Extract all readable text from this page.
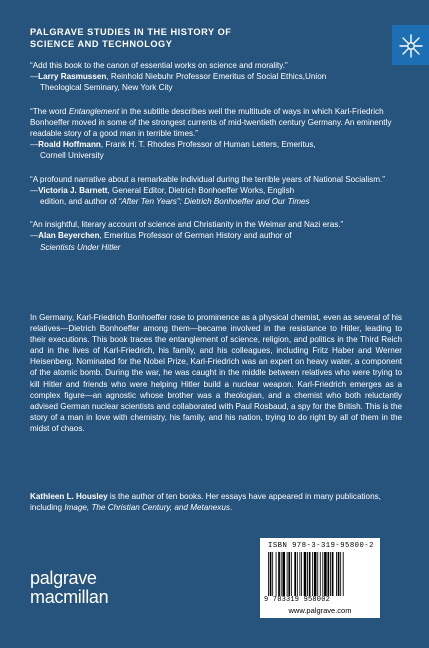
PALGRAVE STUDIES IN THE HISTORY OF
SCIENCE AND TECHNOLOGY
“Add this book to the canon of essential works on science and morality.”
—Larry Rasmussen, Reinhold Niebuhr Professor Emeritus of Social Ethics,Union
Theological Seminary, New York City
“The word Entanglement in the subtitle describes well the multitude of ways in which Karl-Friedrich Bonhoeffer moved in some of the strongest currents of mid-twentieth century Germany. An eminently readable story of a good man in terrible times.”
—Roald Hoffmann, Frank H. T. Rhodes Professor of Human Letters, Emeritus,
Cornell University
“A profound narrative about a remarkable individual during the terrible years of National Socialism.”
—Victoria J. Barnett, General Editor, Dietrich Bonhoeffer Works, English
edition, and author of “After Ten Years”: Dietrich Bonhoeffer and Our Times
“An insightful, literary account of science and Christianity in the Weimar and Nazi eras.”
—Alan Beyerchen, Emeritus Professor of German History and author of
Scientists Under Hitler

In Germany, Karl-Friedrich Bonhoeffer rose to prominence as a physical chemist, even as several of his relatives—Dietrich Bonhoeffer among them—became involved in the resistance to Hitler, leading to their executions. This book traces the entanglement of science, religion, and politics in the Third Reich and in the lives of Karl-Friedrich, his family, and his colleagues, including Fritz Haber and Werner Heisenberg. Nominated for the Nobel Prize, Karl-Friedrich was an expert on heavy water, a component of the atomic bomb. During the war, he was caught in the middle between relatives who were trying to kill Hitler and friends who were helping Hitler build a nuclear weapon. Karl-Friedrich emerges as a complex figure—an agnostic whose brother was a theologian, and a chemist who both reluctantly advised German nuclear scientists and collaborated with Paul Rosbaud, a spy for the British. This is the story of a man in love with chemistry, his family, and his nation, trying to do right by all of them in the midst of chaos.

Kathleen L. Housley is the author of ten books. Her essays have appeared in many publications, including Image, The Christian Century, and Metanexus.
palgrave
macmillan
ISBN 978-3-319-95800-2
9 783319 958002
www.palgrave.com
